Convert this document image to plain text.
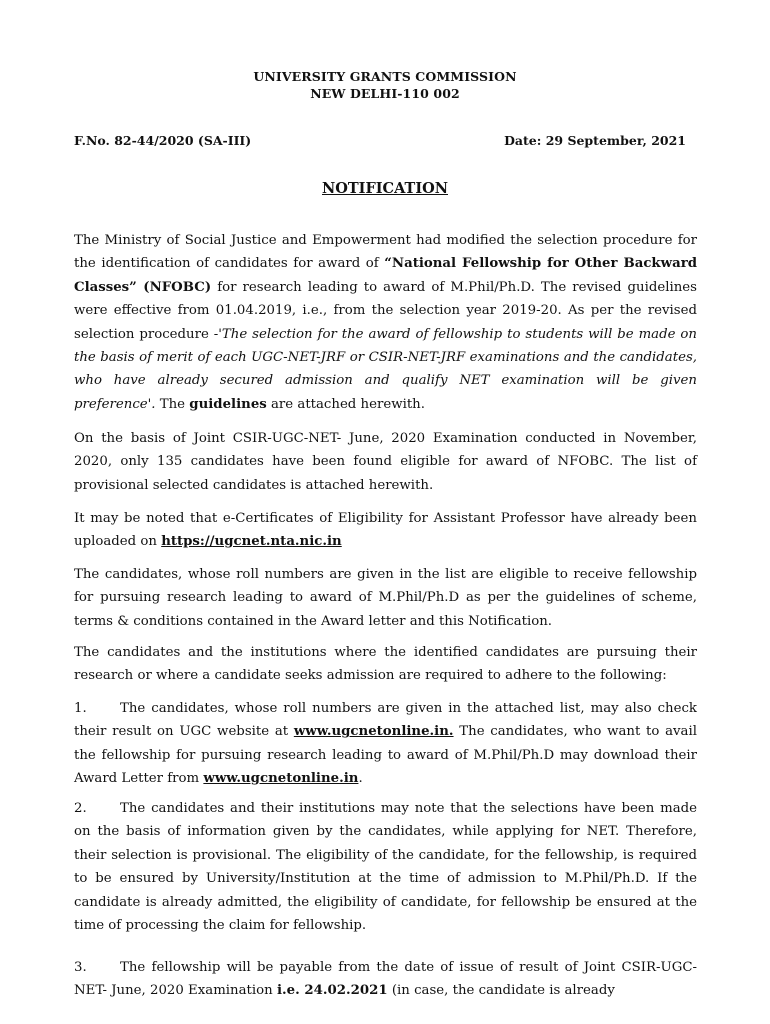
UNIVERSITY GRANTS COMMISSION
NEW DELHI-110 002
F.No. 82-44/2020 (SA-III)	Date: 29 September, 2021
NOTIFICATION
The Ministry of Social Justice and Empowerment had modified the selection procedure for the identification of candidates for award of “National Fellowship for Other Backward Classes” (NFOBC) for research leading to award of M.Phil/Ph.D. The revised guidelines were effective from 01.04.2019, i.e., from the selection year 2019-20. As per the revised selection procedure -'The selection for the award of fellowship to students will be made on the basis of merit of each UGC-NET-JRF or CSIR-NET-JRF examinations and the candidates, who have already secured admission and qualify NET examination will be given preference'. The guidelines are attached herewith.
On the basis of Joint CSIR-UGC-NET- June, 2020 Examination conducted in November, 2020, only 135 candidates have been found eligible for award of NFOBC. The list of provisional selected candidates is attached herewith.
It may be noted that e-Certificates of Eligibility for Assistant Professor have already been uploaded on https://ugcnet.nta.nic.in
The candidates, whose roll numbers are given in the list are eligible to receive fellowship for pursuing research leading to award of M.Phil/Ph.D as per the guidelines of scheme, terms & conditions contained in the Award letter and this Notification.
The candidates and the institutions where the identified candidates are pursuing their research or where a candidate seeks admission are required to adhere to the following:
1.	The candidates, whose roll numbers are given in the attached list, may also check their result on UGC website at www.ugcnetonline.in. The candidates, who want to avail the fellowship for pursuing research leading to award of M.Phil/Ph.D may download their Award Letter from www.ugcnetonline.in.
2.	The candidates and their institutions may note that the selections have been made on the basis of information given by the candidates, while applying for NET. Therefore, their selection is provisional. The eligibility of the candidate, for the fellowship, is required to be ensured by University/Institution at the time of admission to M.Phil/Ph.D. If the candidate is already admitted, the eligibility of candidate, for fellowship be ensured at the time of processing the claim for fellowship.
3.	The fellowship will be payable from the date of issue of result of Joint CSIR-UGC-NET- June, 2020 Examination i.e. 24.02.2021 (in case, the candidate is already
